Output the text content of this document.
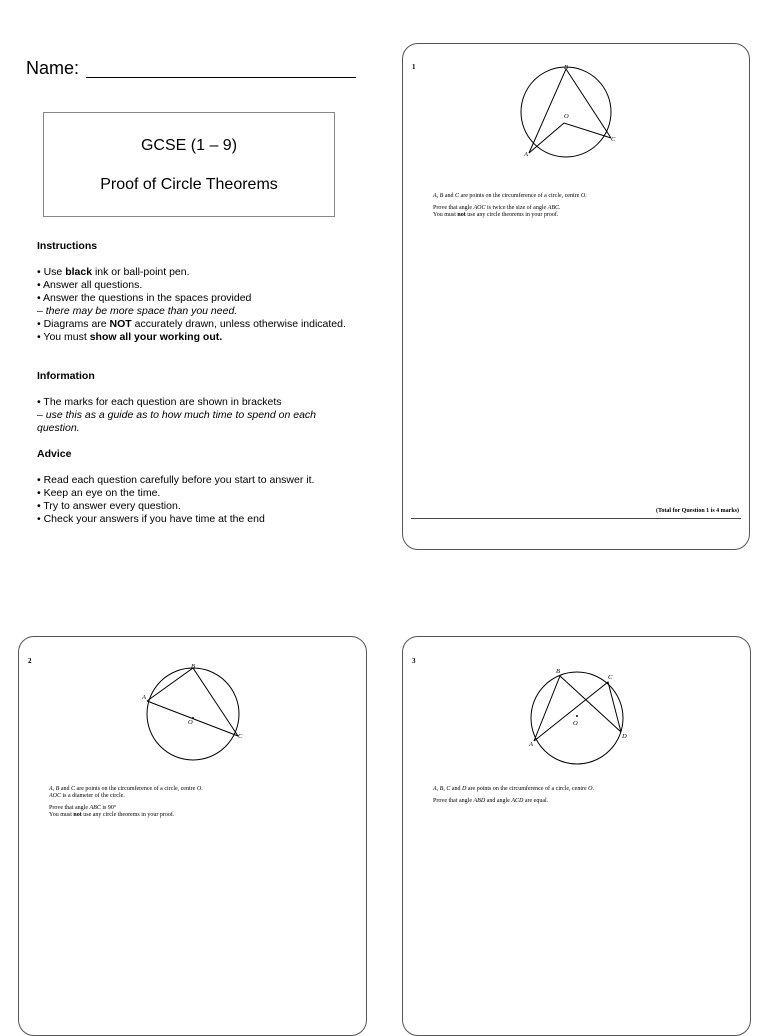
Name:
GCSE (1 – 9)
Proof of Circle Theorems
Instructions

• Use black ink or ball-point pen.

• Answer all questions.

• Answer the questions in the spaces provided

– there may be more space than you need.

• Diagrams are NOT accurately drawn, unless otherwise indicated.

• You must show all your working out.

Information

• The marks for each question are shown in brackets

– use this as a guide as to how much time to spend on each question.

Advice

• Read each question carefully before you start to answer it.

• Keep an eye on the time.

• Try to answer every question.

• Check your answers if you have time at the end

1	B
O
C
A

A, B and C are points on the circumference of a circle, centre O.

Prove that angle AOC is twice the size of angle ABC.

You must not use any circle theorems in your proof.

(Total for Question 1 is 4 marks)
2
B
A
O
C

A, B and C are points on the circumference of a circle, centre O.

AOC is a diameter of the circle.

Prove that angle ABC is 90°

You must not use any circle theorems in your proof.

3
B
C
O
D
A

A, B, C and D are points on the circumference of a circle, centre O.

Prove that angle ABD and angle ACD are equal.
